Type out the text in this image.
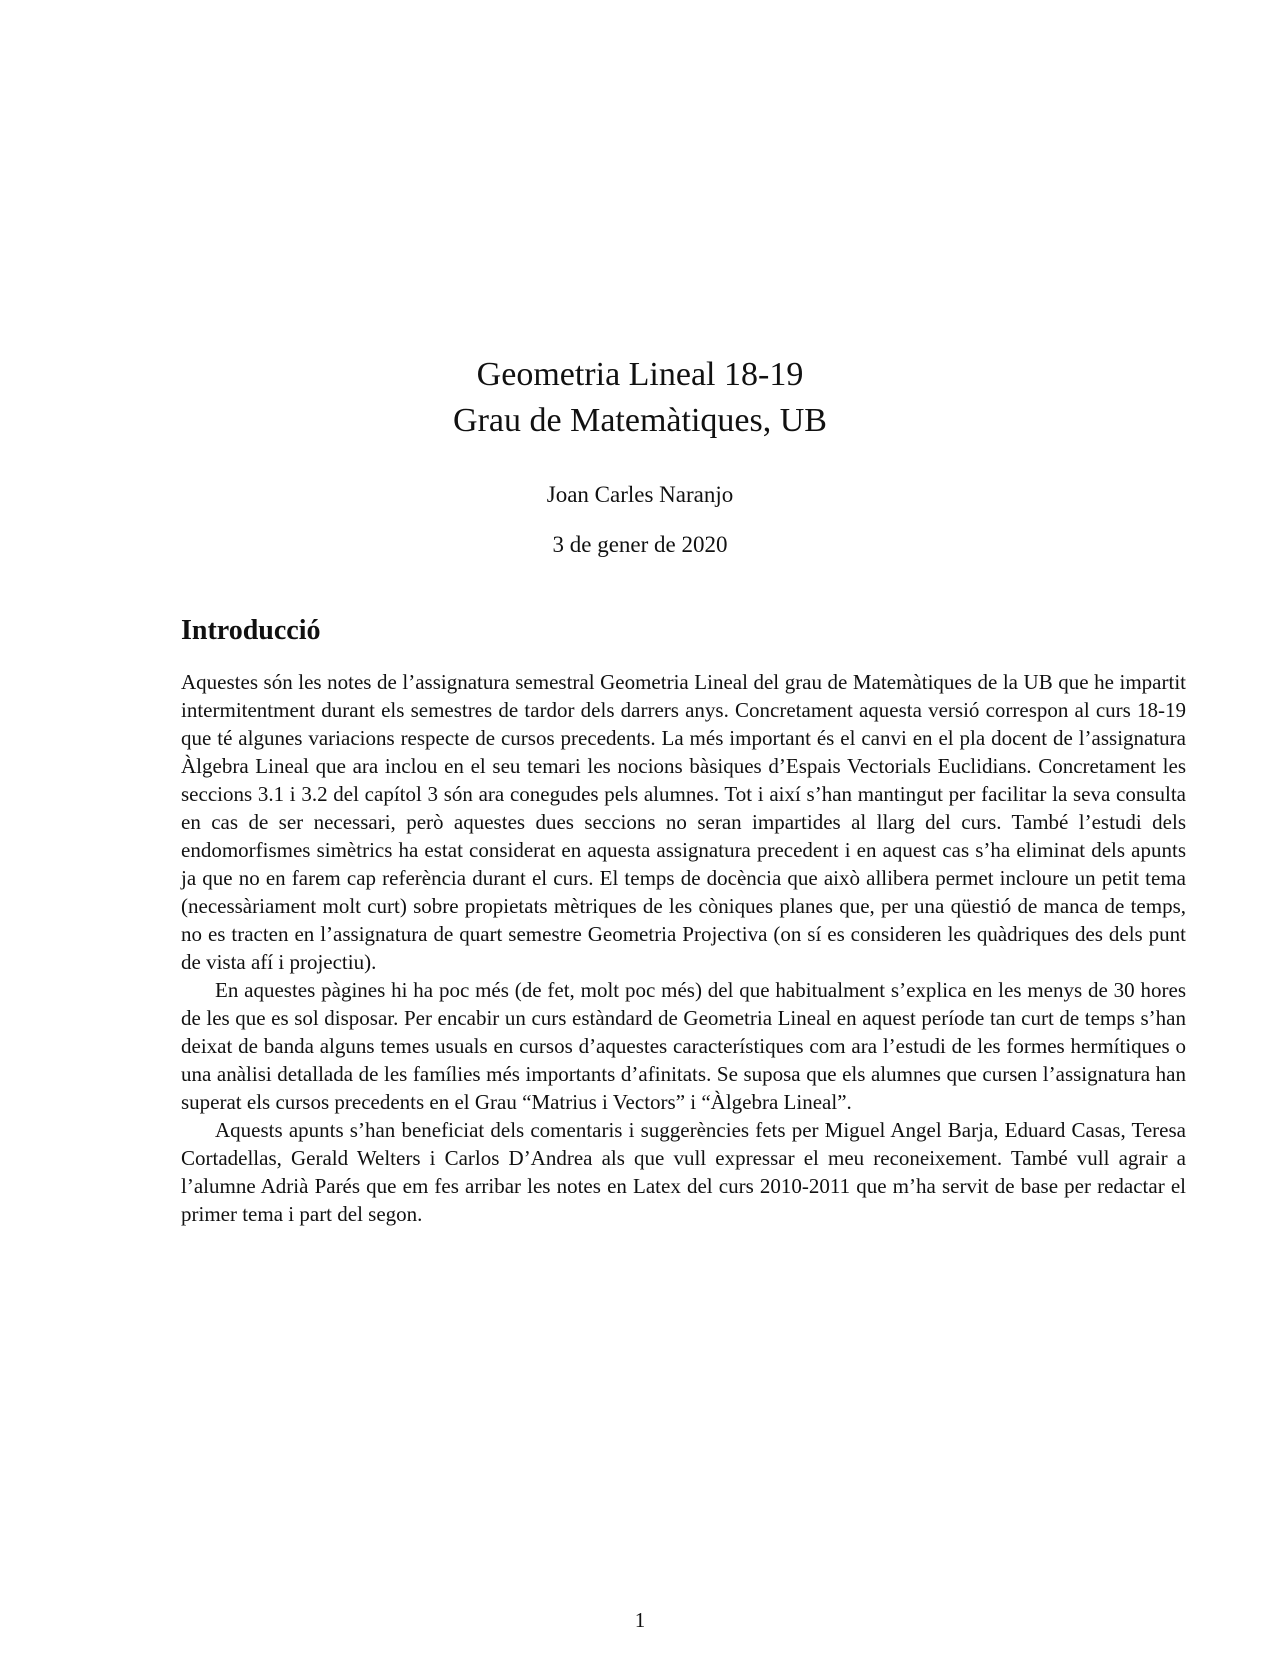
Geometria Lineal 18-19
Grau de Matemàtiques, UB
Joan Carles Naranjo
3 de gener de 2020
Introducció

Aquestes són les notes de l’assignatura semestral Geometria Lineal del grau de Matemàtiques de la UB que he impartit intermitentment durant els semestres de tardor dels darrers anys. Concretament aquesta versió correspon al curs 18-19 que té algunes variacions respecte de cursos precedents. La més important és el canvi en el pla docent de l’assignatura Àlgebra Lineal que ara inclou en el seu temari les nocions bàsiques d’Espais Vectorials Euclidians. Concretament les seccions 3.1 i 3.2 del capítol 3 són ara conegudes pels alumnes. Tot i així s’han mantingut per facilitar la seva consulta en cas de ser necessari, però aquestes dues seccions no seran impartides al llarg del curs. També l’estudi dels endomorfismes simètrics ha estat considerat en aquesta assignatura precedent i en aquest cas s’ha eliminat dels apunts ja que no en farem cap referència durant el curs. El temps de docència que això allibera permet incloure un petit tema (necessàriament molt curt) sobre propietats mètriques de les còniques planes que, per una qüestió de manca de temps, no es tracten en l’assignatura de quart semestre Geometria Projectiva (on sí es consideren les quàdriques des dels punt de vista afí i projectiu).

En aquestes pàgines hi ha poc més (de fet, molt poc més) del que habitualment s’explica en les menys de 30 hores de les que es sol disposar. Per encabir un curs estàndard de Geometria Lineal en aquest període tan curt de temps s’han deixat de banda alguns temes usuals en cursos d’aquestes característiques com ara l’estudi de les formes hermítiques o una anàlisi detallada de les famílies més importants d’afinitats. Se suposa que els alumnes que cursen l’assignatura han superat els cursos precedents en el Grau “Matrius i Vectors” i “Àlgebra Lineal”.

Aquests apunts s’han beneficiat dels comentaris i suggerències fets per Miguel Angel Barja, Eduard Casas, Teresa Cortadellas, Gerald Welters i Carlos D’Andrea als que vull expressar el meu reconeixement. També vull agrair a l’alumne Adrià Parés que em fes arribar les notes en Latex del curs 2010-2011 que m’ha servit de base per redactar el primer tema i part del segon.

1
